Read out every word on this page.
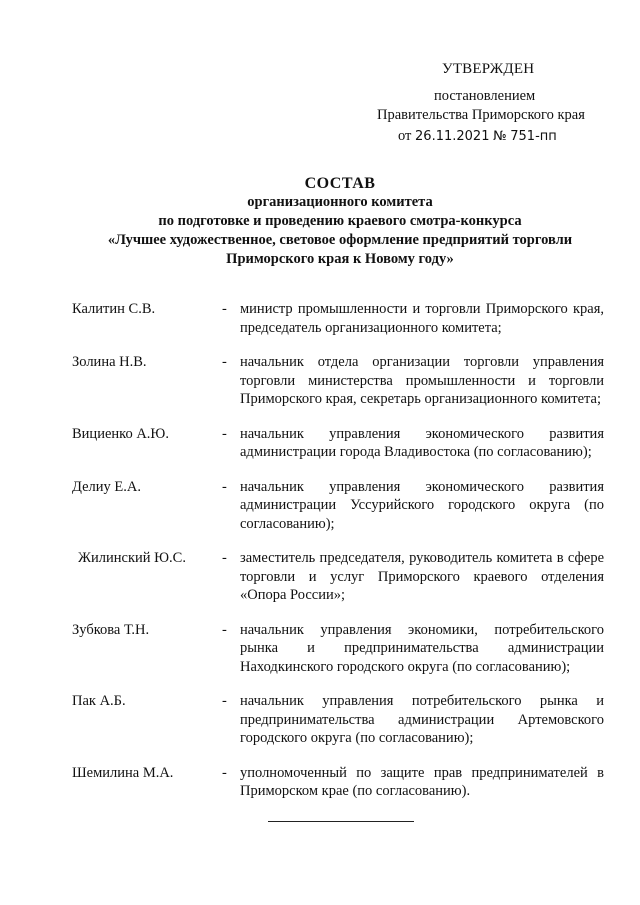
УТВЕРЖДЕН
постановлением
Правительства Приморского края
от 26.11.2021 № 751-пп
СОСТАВ
организационного комитета
по подготовке и проведению краевого смотра-конкурса
«Лучшее художественное, световое оформление предприятий торговли
Приморского края к Новому году»
Калитин С.В.	- министр промышленности и торговли Приморского края, председатель организационного комитета;
Золина Н.В.	- начальник отдела организации торговли управления торговли министерства промышленности и торговли Приморского края, секретарь организационного комитета;
Вициенко А.Ю.	- начальник управления экономического развития администрации города Владивостока (по согласованию);
Делиу Е.А.	- начальник управления экономического развития администрации Уссурийского городского округа (по согласованию);
Жилинский Ю.С.	- заместитель председателя, руководитель комитета в сфере торговли и услуг Приморского краевого отделения «Опора России»;
Зубкова Т.Н.	- начальник управления экономики, потребительского рынка и предпринимательства администрации Находкинского городского округа (по согласованию);
Пак А.Б.	- начальник управления потребительского рынка и предпринимательства администрации Артемовского городского округа (по согласованию);
Шемилина М.А.	- уполномоченный по защите прав предпринимателей в Приморском крае (по согласованию).
